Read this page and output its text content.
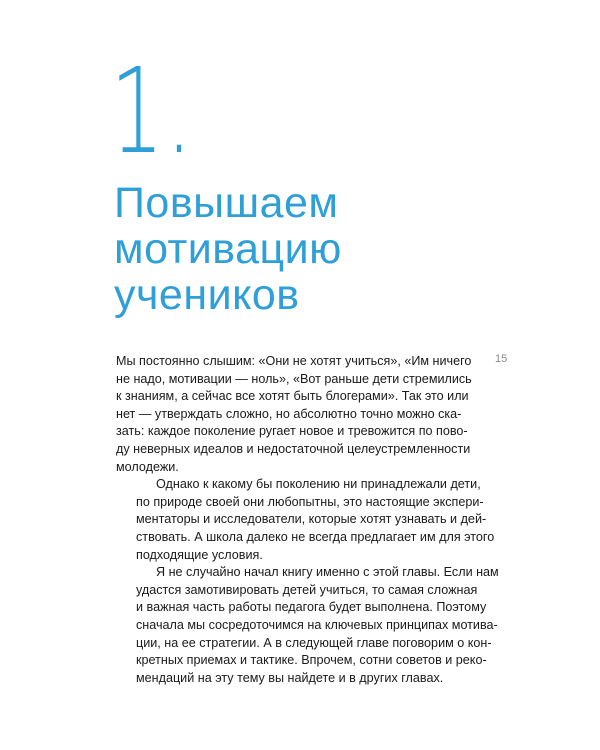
1.
Повышаем
мотивацию
учеников
15

Мы постоянно слышим: «Они не хотят учиться», «Им ничего
не надо, мотивации — ноль», «Вот раньше дети стремились
к знаниям, а сейчас все хотят быть блогерами». Так это или
нет — утверждать сложно, но абсолютно точно можно ска-
зать: каждое поколение ругает новое и тревожится по пово-
ду неверных идеалов и недостаточной целеустремленности
молодежи.

Однако к какому бы поколению ни принадлежали дети,
по природе своей они любопытны, это настоящие экспери-
ментаторы и исследователи, которые хотят узнавать и дей-
ствовать. А школа далеко не всегда предлагает им для этого
подходящие условия.

Я не случайно начал книгу именно с этой главы. Если нам
удастся замотивировать детей учиться, то самая сложная
и важная часть работы педагога будет выполнена. Поэтому
сначала мы сосредоточимся на ключевых принципах мотива-
ции, на ее стратегии. А в следующей главе поговорим о кон-
кретных приемах и тактике. Впрочем, сотни советов и реко-
мендаций на эту тему вы найдете и в других главах.
